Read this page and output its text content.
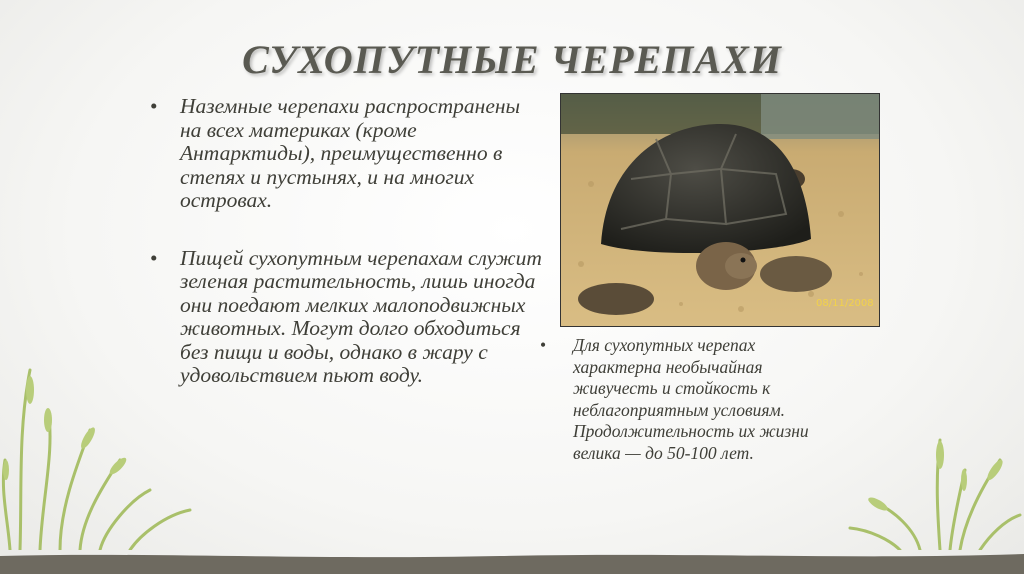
СУХОПУТНЫЕ ЧЕРЕПАХИ
• Наземные черепахи распространены на всех материках (кроме Антарктиды), преимущественно в степях и пустынях, и на многих островах.
• Пищей сухопутным черепахам служит зеленая растительность, лишь иногда они поедают мелких малоподвижных животных. Могут долго обходиться без пищи и воды, однако в жару с удовольствием пьют воду.
08/11/2008
• Для сухопутных черепах характерна необычайная живучесть и стойкость к неблагоприятным условиям. Продолжительность их жизни велика — до 50-100 лет.
